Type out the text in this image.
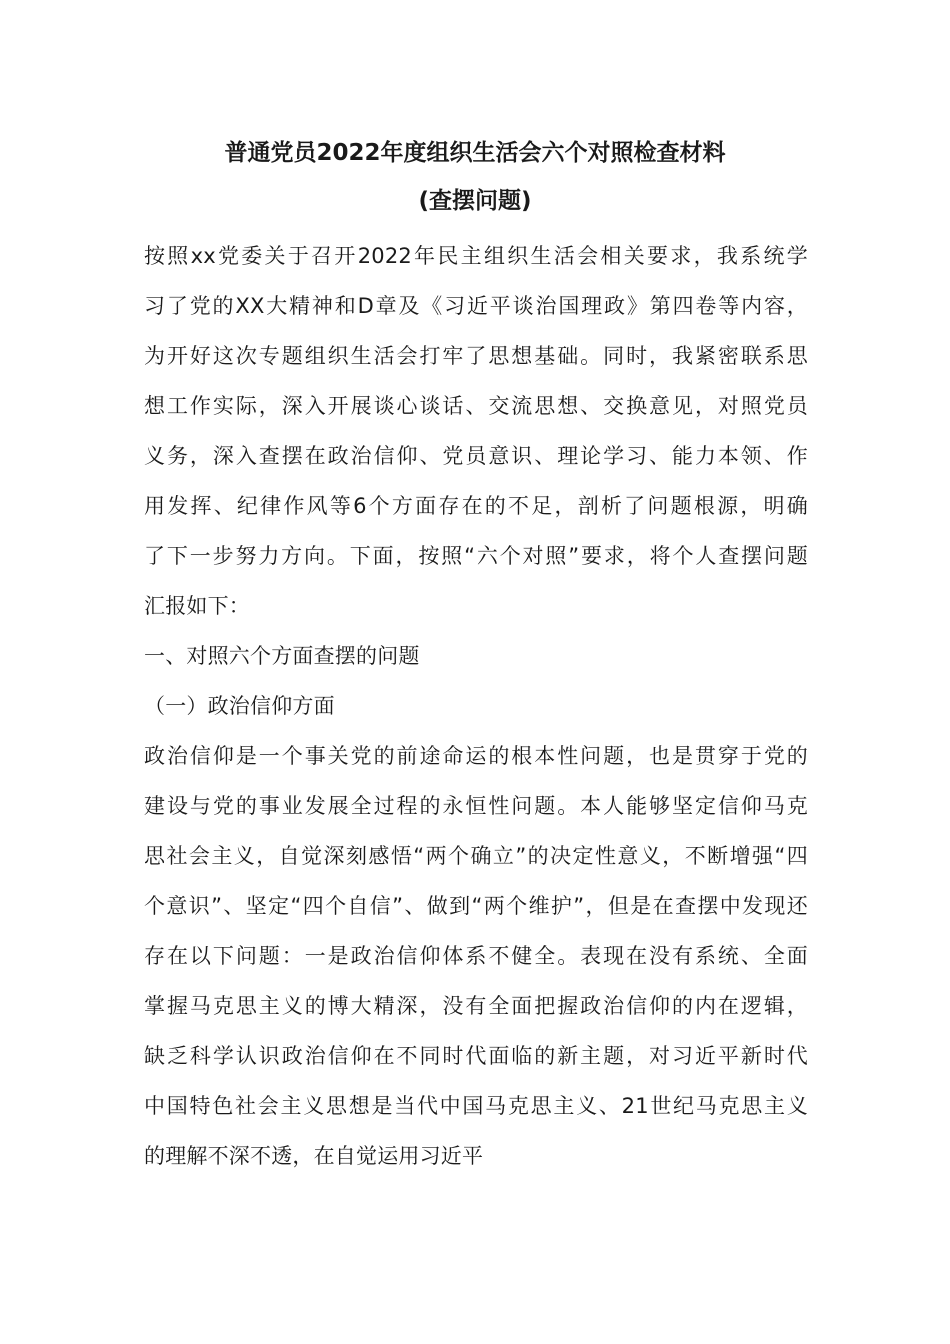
普通党员2022年度组织生活会六个对照检查材料
(查摆问题)

按照xx党委关于召开2022年民主组织生活会相关要求，我系统学
习了党的XX大精神和D章及《习近平谈治国理政》第四卷等内容，
为开好这次专题组织生活会打牢了思想基础。同时，我紧密联系思
想工作实际，深入开展谈心谈话、交流思想、交换意见，对照党员
义务，深入查摆在政治信仰、党员意识、理论学习、能力本领、作
用发挥、纪律作风等6个方面存在的不足，剖析了问题根源，明确
了下一步努力方向。下面，按照“六个对照”要求，将个人查摆问题
汇报如下：

一、对照六个方面查摆的问题

（一）政治信仰方面

政治信仰是一个事关党的前途命运的根本性问题，也是贯穿于党的
建设与党的事业发展全过程的永恒性问题。本人能够坚定信仰马克
思社会主义，自觉深刻感悟“两个确立”的决定性意义，不断增强“四
个意识”、坚定“四个自信”、做到“两个维护”，但是在查摆中发现还
存在以下问题：一是政治信仰体系不健全。表现在没有系统、全面
掌握马克思主义的博大精深，没有全面把握政治信仰的内在逻辑，
缺乏科学认识政治信仰在不同时代面临的新主题，对习近平新时代
中国特色社会主义思想是当代中国马克思主义、21世纪马克思主义
的理解不深不透，在自觉运用习近平
